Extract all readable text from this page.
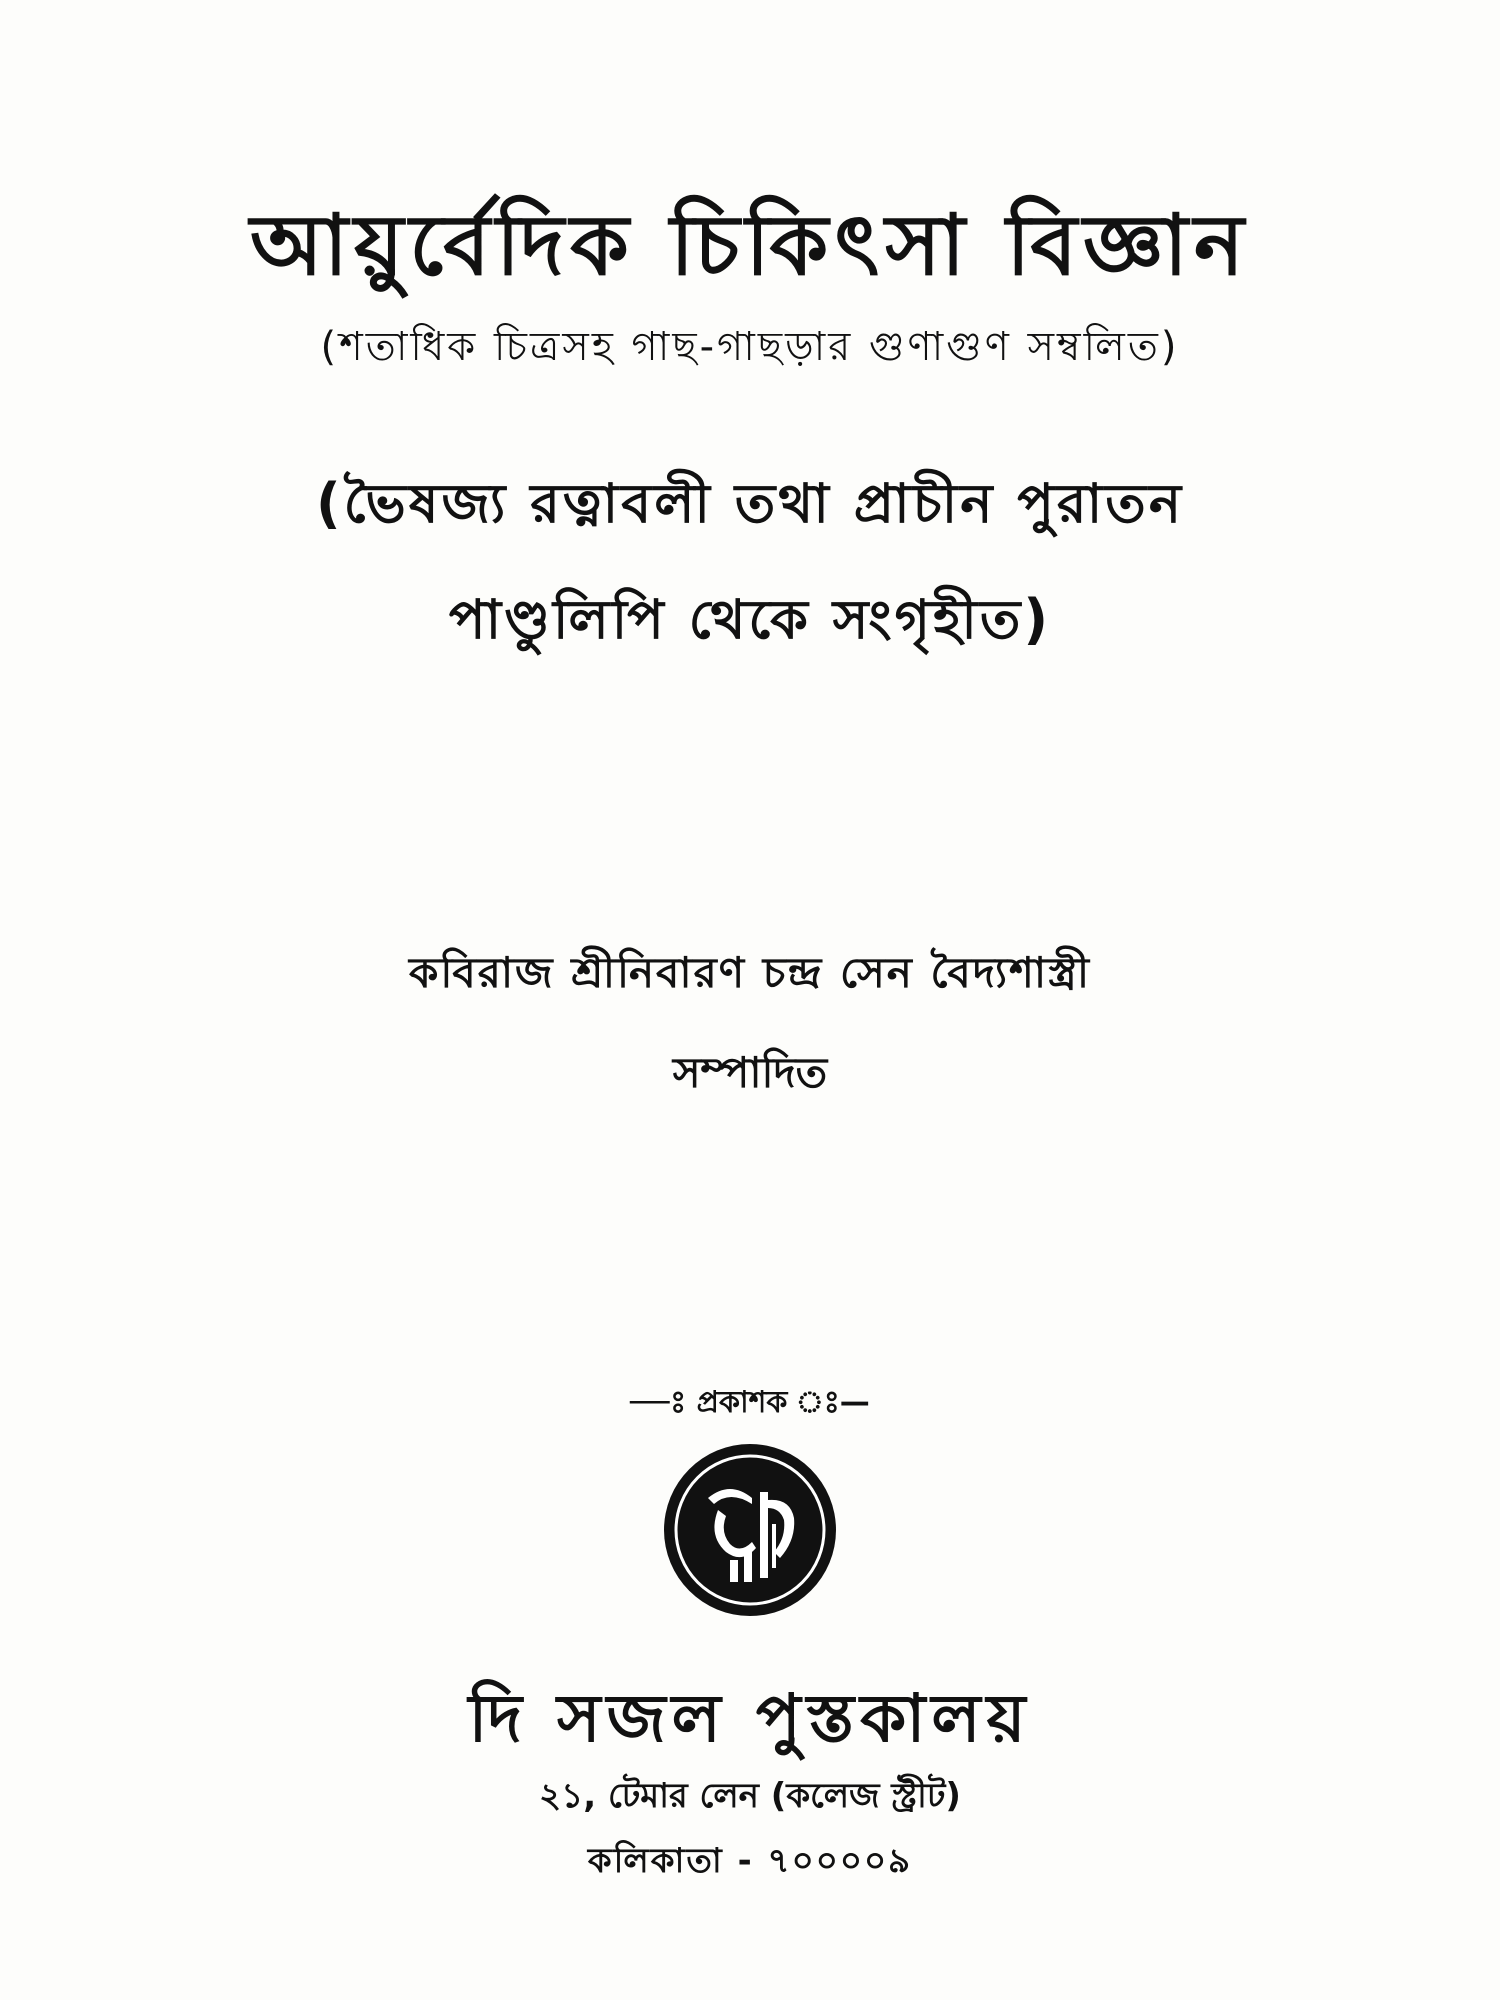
আয়ুর্বেদিক চিকিৎসা বিজ্ঞান
(শতাধিক চিত্রসহ গাছ-গাছড়ার গুণাগুণ সম্বলিত)
(ভৈষজ্য রত্নাবলী তথা প্রাচীন পুরাতন
পাণ্ডুলিপি থেকে সংগৃহীত)
কবিরাজ শ্রীনিবারণ চন্দ্র সেন বৈদ্যশাস্ত্রী
সম্পাদিত
—ঃ প্রকাশক ঃ—
দি সজল পুস্তকালয়
২১, টেমার লেন (কলেজ স্ট্রীট)
কলিকাতা - ৭০০০০৯
